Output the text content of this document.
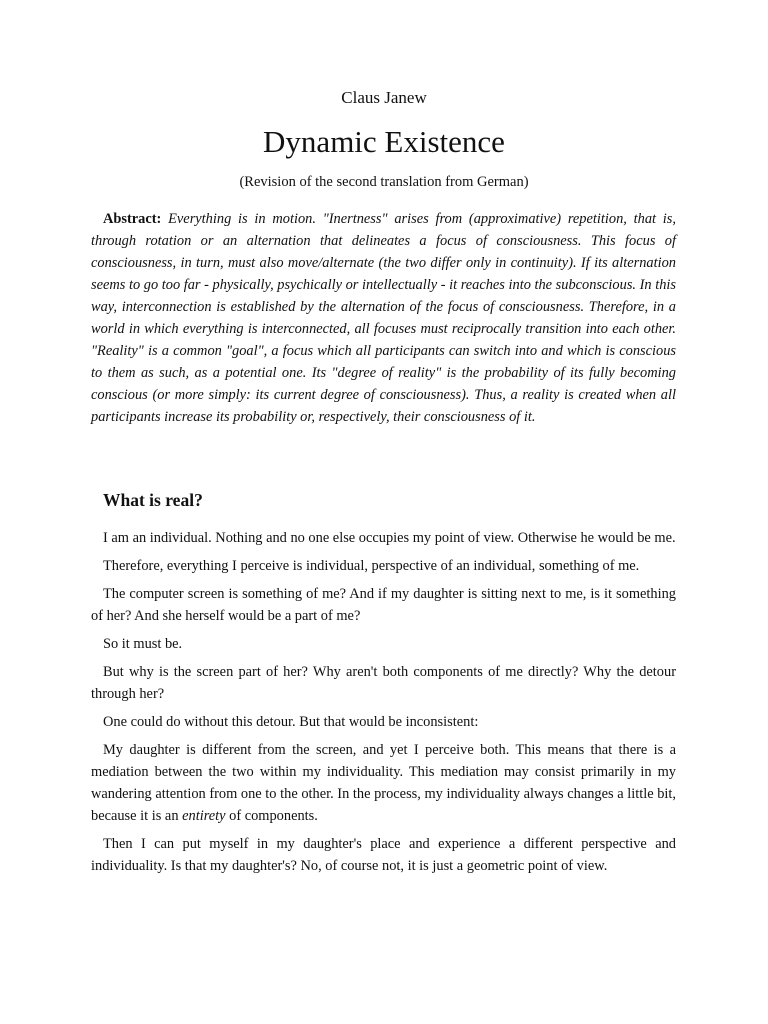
Claus Janew
Dynamic Existence
(Revision of the second translation from German)

Abstract: Everything is in motion. "Inertness" arises from (approximative) repetition, that is, through rotation or an alternation that delineates a focus of consciousness. This focus of consciousness, in turn, must also move/alternate (the two differ only in continuity). If its alternation seems to go too far - physically, psychically or intellectually - it reaches into the subconscious. In this way, interconnection is established by the alternation of the focus of consciousness. Therefore, in a world in which everything is interconnected, all focuses must reciprocally transition into each other. "Reality" is a common "goal", a focus which all participants can switch into and which is conscious to them as such, as a potential one. Its "degree of reality" is the probability of its fully becoming conscious (or more simply: its current degree of consciousness). Thus, a reality is created when all participants increase its probability or, respectively, their consciousness of it.

What is real?

I am an individual. Nothing and no one else occupies my point of view. Otherwise he would be me.

Therefore, everything I perceive is individual, perspective of an individual, something of me.

The computer screen is something of me? And if my daughter is sitting next to me, is it something of her? And she herself would be a part of me?

So it must be.

But why is the screen part of her? Why aren't both components of me directly? Why the detour through her?

One could do without this detour. But that would be inconsistent:

My daughter is different from the screen, and yet I perceive both. This means that there is a mediation between the two within my individuality. This mediation may consist primarily in my wandering attention from one to the other. In the process, my individuality always changes a little bit, because it is an entirety of components.

Then I can put myself in my daughter's place and experience a different perspective and individuality. Is that my daughter's? No, of course not, it is just a geometric point of view.
